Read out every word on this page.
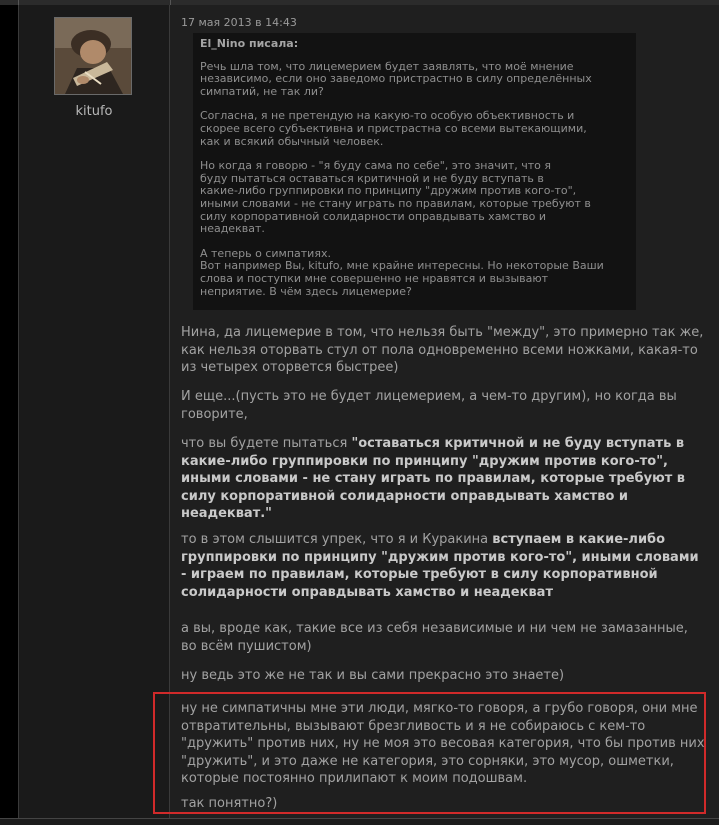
kitufo
17 мая 2013 в 14:43
El_Nino писала:

Речь шла том, что лицемерием будет заявлять, что моё мнение
независимо, если оно заведомо пристрастно в силу определённых
симпатий, не так ли?

Согласна, я не претендую на какую-то особую объективность и
скорее всего субъективна и пристрастна со всеми вытекающими,
как и всякий обычный человек.

Но когда я говорю - "я буду сама по себе", это значит, что я
буду пытаться оставаться критичной и не буду вступать в
какие-либо группировки по принципу "дружим против кого-то",
иными словами - не стану играть по правилам, которые требуют в
силу корпоративной солидарности оправдывать хамство и
неадекват.

А теперь о симпатиях.
Вот например Вы, kitufo, мне крайне интересны. Но некоторые Ваши
слова и поступки мне совершенно не нравятся и вызывают
неприятие. В чём здесь лицемерие?

Нина, да лицемерие в том, что нельзя быть "между", это примерно так же, как нельзя оторвать стул от пола одновременно всеми ножками, какая-то из четырех оторвется быстрее)
И еще...(пусть это не будет лицемерием, а чем-то другим), но когда вы говорите,
что вы будете пытаться "оставаться критичной и не буду вступать в какие-либо группировки по принципу "дружим против кого-то", иными словами - не стану играть по правилам, которые требуют в силу корпоративной солидарности оправдывать хамство и неадекват."
то в этом слышится упрек, что я и Куракина вступаем в какие-либо группировки по принципу "дружим против кого-то", иными словами - играем по правилам, которые требуют в силу корпоративной солидарности оправдывать хамство и неадекват
а вы, вроде как, такие все из себя независимые и ни чем не замазанные, во всём пушистом)
ну ведь это же не так и вы сами прекрасно это знаете)
ну не симпатичны мне эти люди, мягко-то говоря, а грубо говоря, они мне отвратительны, вызывают брезгливость и я не собираюсь с кем-то "дружить" против них, ну не моя это весовая категория, что бы против них "дружить", и это даже не категория, это сорняки, это мусор, ошметки, которые постоянно прилипают к моим подошвам.
так понятно?)
